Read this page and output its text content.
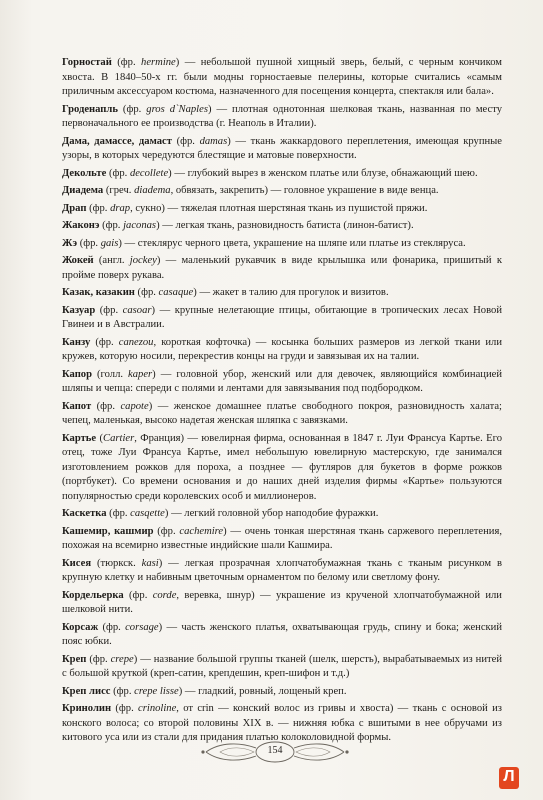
Горностай (фр. hermine) — небольшой пушной хищный зверь, белый, с черным кончиком хвоста. В 1840–50-х гг. были модны горностаевые пелерины, которые считались «самым приличным аксессуаром костюма, назначенного для посещения концерта, спектакля или бала».
Гроденапль (фр. gros d`Naples) — плотная однотонная шелковая ткань, названная по месту первоначального ее производства (г. Неаполь в Италии).
Дама, дамассе, дамаст (фр. damas) — ткань жаккардового переплетения, имеющая крупные узоры, в которых чередуются блестящие и матовые поверхности.
Декольте (фр. decollete) — глубокий вырез в женском платье или блузе, обнажающий шею.
Диадема (греч. diadema, обвязать, закрепить) — головное украшение в виде венца.
Драп (фр. drap, сукно) — тяжелая плотная шерстяная ткань из пушистой пряжи.
Жаконэ (фр. jaconas) — легкая ткань, разновидность батиста (линон-батист).
Жэ (фр. gais) — стеклярус черного цвета, украшение на шляпе или платье из стекляруса.
Жокей (англ. jockey) — маленький рукавчик в виде крылышка или фонарика, пришитый к пройме поверх рукава.
Казак, казакин (фр. casaque) — жакет в талию для прогулок и визитов.
Казуар (фр. casoar) — крупные нелетающие птицы, обитающие в тропических лесах Новой Гвинеи и в Австралии.
Канзу (фр. canezou, короткая кофточка) — косынка больших размеров из легкой ткани или кружев, которую носили, перекрестив концы на груди и завязывая их на талии.
Капор (голл. kaper) — головной убор, женский или для девочек, являющийся комбинацией шляпы и чепца: спереди с полями и лентами для завязывания под подбородком.
Капот (фр. capote) — женское домашнее платье свободного покроя, разновидность халата; чепец, маленькая, высоко надетая женская шляпка с завязками.
Картье (Cartier, Франция) — ювелирная фирма, основанная в 1847 г. Луи Франсуа Картье. Его отец, тоже Луи Франсуа Картье, имел небольшую ювелирную мастерскую, где занимался изготовлением рожков для пороха, а позднее — футляров для букетов в форме рожков (портбукет). Со времени основания и до наших дней изделия фирмы «Картье» пользуются популярностью среди королевских особ и миллионеров.
Каскетка (фр. casqette) — легкий головной убор наподобие фуражки.
Кашемир, кашмир (фр. cachemire) — очень тонкая шерстяная ткань саржевого переплетения, похожая на всемирно известные индийские шали Кашмира.
Кисея (тюркск. kasi) — легкая прозрачная хлопчатобумажная ткань с тканым рисунком в крупную клетку и набивным цветочным орнаментом по белому или светлому фону.
Кордельерка (фр. corde, веревка, шнур) — украшение из крученой хлопчатобумажной или шелковой нити.
Корсаж (фр. corsage) — часть женского платья, охватывающая грудь, спину и бока; женский пояс юбки.
Креп (фр. crepe) — название большой группы тканей (шелк, шерсть), вырабатываемых из нитей с большой круткой (креп-сатин, крепдешин, креп-шифон и т.д.)
Креп лисс (фр. crepe lisse) — гладкий, ровный, лощеный креп.
Кринолин (фр. crinoline, от crin — конский волос из гривы и хвоста) — ткань с основой из конского волоса; со второй половины XIX в. — нижняя юбка с вшитыми в нее обручами из китового уса или из стали для придания платью колоколовидной формы.
154
Л
